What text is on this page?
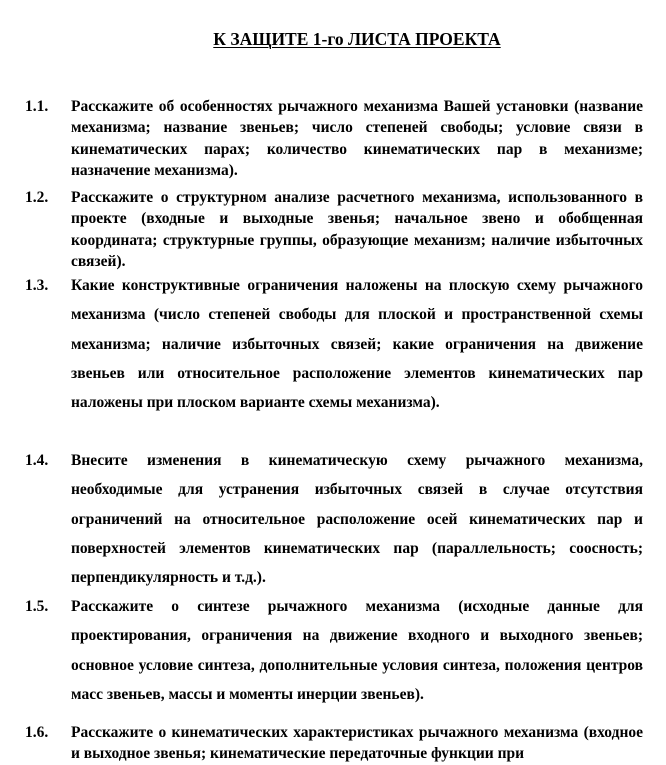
К ЗАЩИТЕ 1-го ЛИСТА ПРОЕКТА
1.1. Расскажите об особенностях рычажного механизма Вашей установки (название механизма; название звеньев; число степеней свободы; условие связи в кинематических парах; количество кинематических пар в механизме; назначение механизма).
1.2. Расскажите о структурном анализе расчетного механизма, использованного в проекте (входные и выходные звенья; начальное звено и обобщенная координата; структурные группы, образующие механизм; наличие избыточных связей).
1.3. Какие конструктивные ограничения наложены на плоскую схему рычажного механизма (число степеней свободы для плоской и пространственной схемы механизма; наличие избыточных связей; какие ограничения на движение звеньев или относительное расположение элементов кинематических пар наложены при плоском варианте схемы механизма).
1.4. Внесите изменения в кинематическую схему рычажного механизма, необходимые для устранения избыточных связей в случае отсутствия ограничений на относительное расположение осей кинематических пар и поверхностей элементов кинематических пар (параллельность; соосность; перпендикулярность и т.д.).
1.5. Расскажите о синтезе рычажного механизма (исходные данные для проектирования, ограничения на движение входного и выходного звеньев; основное условие синтеза, дополнительные условия синтеза, положения центров масс звеньев, массы и моменты инерции звеньев).
1.6. Расскажите о кинематических характеристиках рычажного механизма (входное и выходное звенья; кинематические передаточные функции при
